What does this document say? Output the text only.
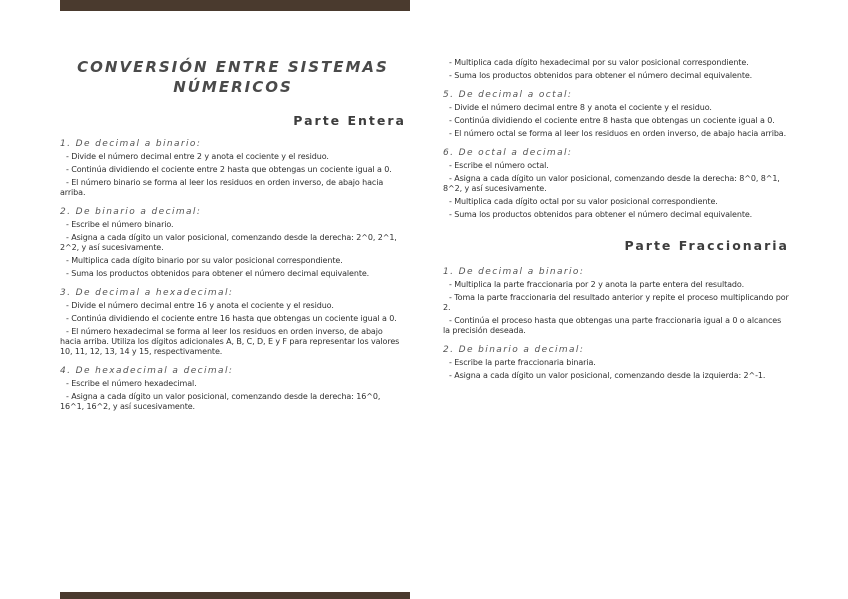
CONVERSIÓN ENTRE SISTEMAS NÚMERICOS
Parte Entera
1. De decimal a binario:
- Divide el número decimal entre 2 y anota el cociente y el residuo.
- Continúa dividiendo el cociente entre 2 hasta que obtengas un cociente igual a 0.
- El número binario se forma al leer los residuos en orden inverso, de abajo hacia arriba.
2. De binario a decimal:
- Escribe el número binario.
- Asigna a cada dígito un valor posicional, comenzando desde la derecha: 2^0, 2^1, 2^2, y así sucesivamente.
- Multiplica cada dígito binario por su valor posicional correspondiente.
- Suma los productos obtenidos para obtener el número decimal equivalente.
3. De decimal a hexadecimal:
- Divide el número decimal entre 16 y anota el cociente y el residuo.
- Continúa dividiendo el cociente entre 16 hasta que obtengas un cociente igual a 0.
- El número hexadecimal se forma al leer los residuos en orden inverso, de abajo hacia arriba. Utiliza los dígitos adicionales A, B, C, D, E y F para representar los valores 10, 11, 12, 13, 14 y 15, respectivamente.
4. De hexadecimal a decimal:
- Escribe el número hexadecimal.
- Asigna a cada dígito un valor posicional, comenzando desde la derecha: 16^0, 16^1, 16^2, y así sucesivamente.
- Multiplica cada dígito hexadecimal por su valor posicional correspondiente.
- Suma los productos obtenidos para obtener el número decimal equivalente.
5. De decimal a octal:
- Divide el número decimal entre 8 y anota el cociente y el residuo.
- Continúa dividiendo el cociente entre 8 hasta que obtengas un cociente igual a 0.
- El número octal se forma al leer los residuos en orden inverso, de abajo hacia arriba.
6. De octal a decimal:
- Escribe el número octal.
- Asigna a cada dígito un valor posicional, comenzando desde la derecha: 8^0, 8^1, 8^2, y así sucesivamente.
- Multiplica cada dígito octal por su valor posicional correspondiente.
- Suma los productos obtenidos para obtener el número decimal equivalente.
Parte Fraccionaria
1. De decimal a binario:
- Multiplica la parte fraccionaria por 2 y anota la parte entera del resultado.
- Toma la parte fraccionaria del resultado anterior y repite el proceso multiplicando por 2.
- Continúa el proceso hasta que obtengas una parte fraccionaria igual a 0 o alcances la precisión deseada.
2. De binario a decimal:
- Escribe la parte fraccionaria binaria.
- Asigna a cada dígito un valor posicional, comenzando desde la izquierda: 2^-1.
